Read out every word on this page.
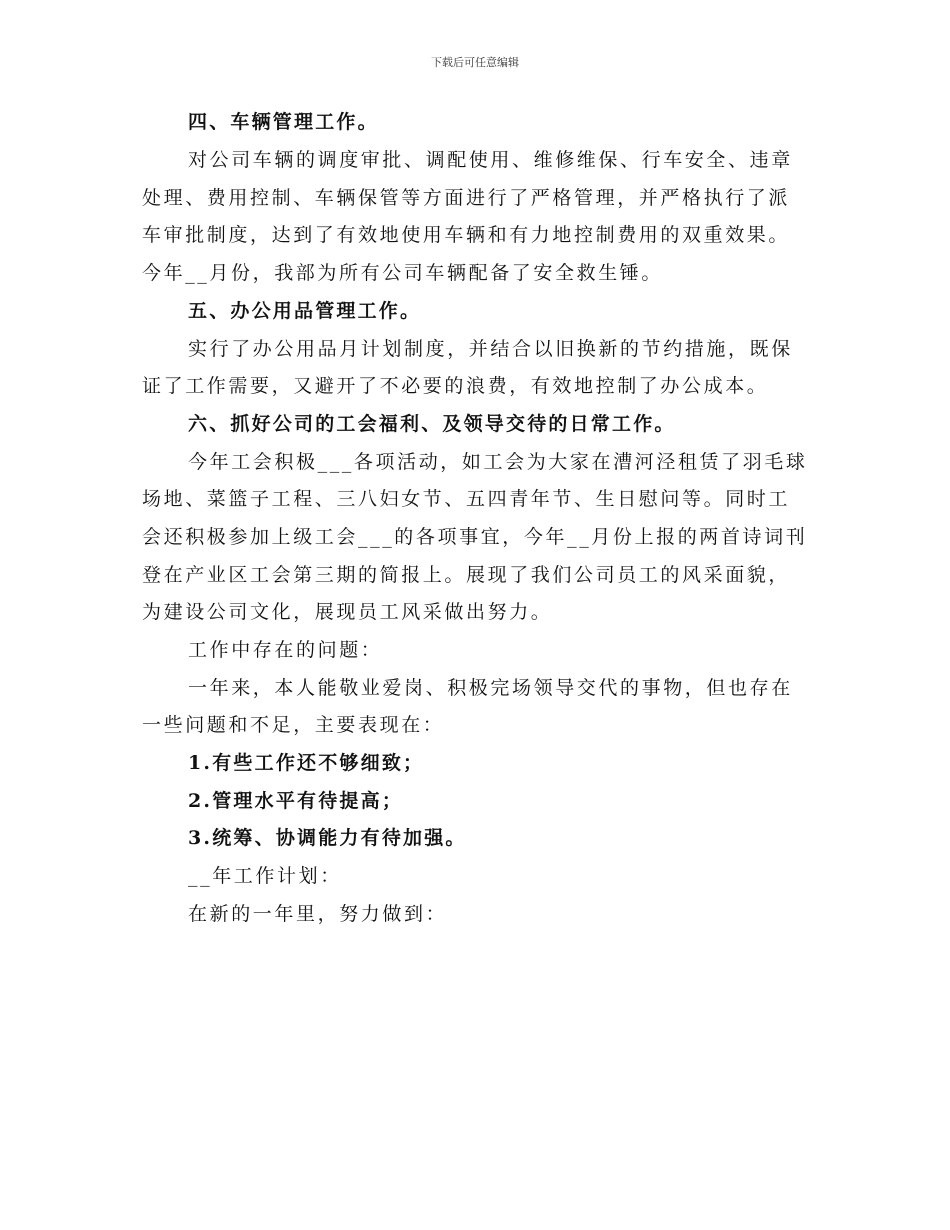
下载后可任意编辑
四、车辆管理工作。
对公司车辆的调度审批、调配使用、维修维保、行车安全、违章
处理、费用控制、车辆保管等方面进行了严格管理，并严格执行了派
车审批制度，达到了有效地使用车辆和有力地控制费用的双重效果。
今年__月份，我部为所有公司车辆配备了安全救生锤。
五、办公用品管理工作。
实行了办公用品月计划制度，并结合以旧换新的节约措施，既保
证了工作需要，又避开了不必要的浪费，有效地控制了办公成本。
六、抓好公司的工会福利、及领导交待的日常工作。
今年工会积极___各项活动，如工会为大家在漕河泾租赁了羽毛球
场地、菜篮子工程、三八妇女节、五四青年节、生日慰问等。同时工
会还积极参加上级工会___的各项事宜，今年__月份上报的两首诗词刊
登在产业区工会第三期的简报上。展现了我们公司员工的风采面貌，
为建设公司文化，展现员工风采做出努力。
工作中存在的问题：
一年来，本人能敬业爱岗、积极完场领导交代的事物，但也存在
一些问题和不足，主要表现在：
1.有些工作还不够细致；
2.管理水平有待提高；
3.统筹、协调能力有待加强。
__年工作计划：
在新的一年里，努力做到：
